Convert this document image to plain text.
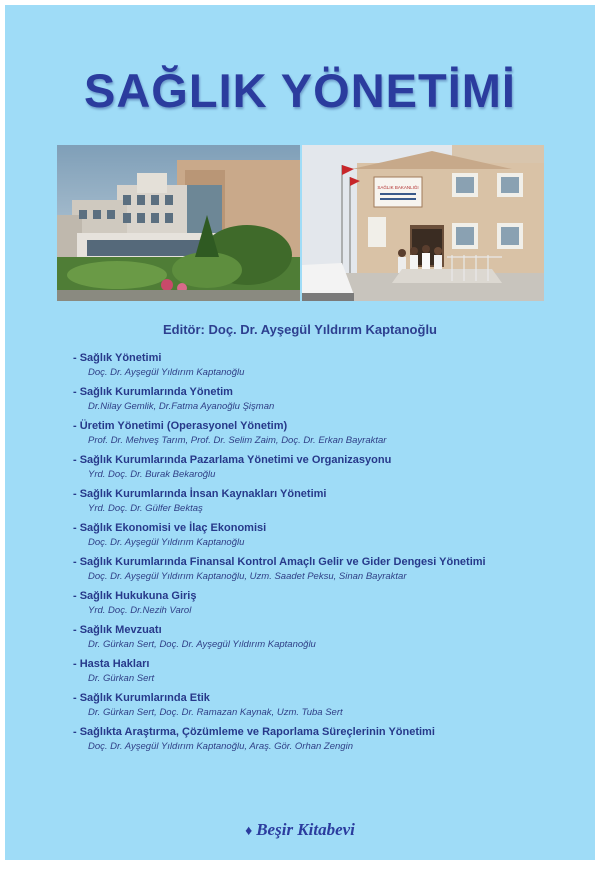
SAĞLIK YÖNETİMİ
SAĞLIK BAKANLIĞI
Editör: Doç. Dr. Ayşegül Yıldırım Kaptanoğlu
- Sağlık Yönetimi
Doç. Dr. Ayşegül Yıldırım Kaptanoğlu
- Sağlık Kurumlarında Yönetim
Dr.Nilay Gemlik, Dr.Fatma Ayanoğlu Şişman
- Üretim Yönetimi (Operasyonel Yönetim)
Prof. Dr. Mehveş Tarım, Prof. Dr. Selim Zaim, Doç. Dr. Erkan Bayraktar
- Sağlık Kurumlarında Pazarlama Yönetimi ve Organizasyonu
Yrd. Doç. Dr. Burak Bekaroğlu
- Sağlık Kurumlarında İnsan Kaynakları Yönetimi
Yrd. Doç. Dr. Gülfer Bektaş
- Sağlık Ekonomisi ve İlaç Ekonomisi
Doç. Dr. Ayşegül Yıldırım Kaptanoğlu
- Sağlık Kurumlarında Finansal Kontrol Amaçlı Gelir ve Gider Dengesi Yönetimi
Doç. Dr. Ayşegül Yıldırım Kaptanoğlu, Uzm. Saadet Peksu, Sinan Bayraktar
- Sağlık Hukukuna Giriş
Yrd. Doç. Dr.Nezih Varol
- Sağlık Mevzuatı
Dr. Gürkan Sert, Doç. Dr. Ayşegül Yıldırım Kaptanoğlu
- Hasta Hakları
Dr. Gürkan Sert
- Sağlık Kurumlarında Etik
Dr. Gürkan Sert, Doç. Dr. Ramazan Kaynak, Uzm. Tuba Sert
- Sağlıkta Araştırma, Çözümleme ve Raporlama Süreçlerinin Yönetimi
Doç. Dr. Ayşegül Yıldırım Kaptanoğlu, Araş. Gör. Orhan Zengin
♦ Beşir Kitabevi
